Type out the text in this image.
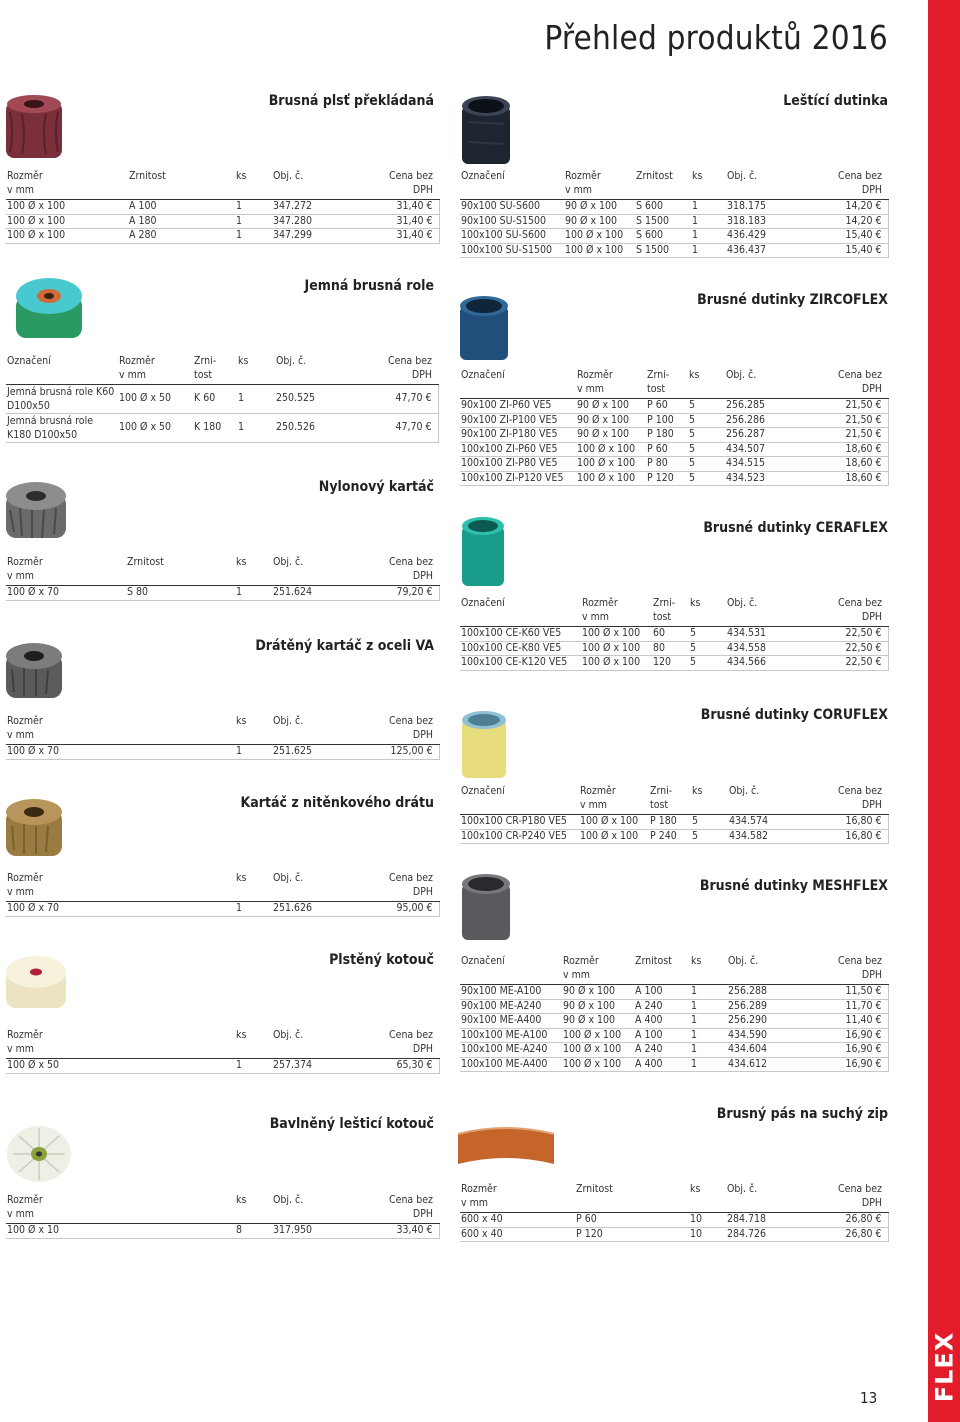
FLEX
Přehled produktů 2016
13
Brusná plsť překládaná	Leštící dutinka
Jemná brusná role
Brusné dutinky ZIRCOFLEX
Nylonový kartáč
Brusné dutinky CERAFLEX
Drátěný kartáč z oceli VA
Brusné dutinky CORUFLEX
Kartáč z nitěnkového drátu
Brusné dutinky MESHFLEX
Plstěný kotouč
Brusný pás na suchý zip
Bavlněný lešticí kotouč
Rozměr
v mm	Zrnitost	ks	Obj. č.	Cena bez
DPH
100 Ø x 100	A 100	1	347.272	31,40 €
100 Ø x 100	A 180	1	347.280	31,40 €
100 Ø x 100	A 280	1	347.299	31,40 €
Označení	Rozměr
v mm	Zrnitost	ks	Obj. č.	Cena bez
DPH
90x100 SU-S600	90 Ø x 100	S 600	1	318.175	14,20 €
90x100 SU-S1500	90 Ø x 100	S 1500	1	318.183	14,20 €
100x100 SU-S600	100 Ø x 100	S 600	1	436.429	15,40 €
100x100 SU-S1500	100 Ø x 100	S 1500	1	436.437	15,40 €
Označení	Rozměr
v mm	Zrni-
tost	ks	Obj. č.	Cena bez
DPH
Jemná brusná role K60 D100x50	100 Ø x 50	K 60	1	250.525	47,70 €
Jemná brusná role K180 D100x50	100 Ø x 50	K 180	1	250.526	47,70 €
Označení	Rozměr
v mm	Zrni-
tost	ks	Obj. č.	Cena bez
DPH
90x100 ZI-P60 VE5	90 Ø x 100	P 60	5	256.285	21,50 €
90x100 ZI-P100 VE5	90 Ø x 100	P 100	5	256.286	21,50 €
90x100 ZI-P180 VE5	90 Ø x 100	P 180	5	256.287	21,50 €
100x100 ZI-P60 VE5	100 Ø x 100	P 60	5	434.507	18,60 €
100x100 ZI-P80 VE5	100 Ø x 100	P 80	5	434.515	18,60 €
100x100 ZI-P120 VE5	100 Ø x 100	P 120	5	434.523	18,60 €
Rozměr
v mm	Zrnitost	ks	Obj. č.	Cena bez
DPH
100 Ø x 70	S 80	1	251.624	79,20 €
Označení	Rozměr
v mm	Zrni-
tost	ks	Obj. č.	Cena bez
DPH
100x100 CE-K60 VE5	100 Ø x 100	60	5	434.531	22,50 €
100x100 CE-K80 VE5	100 Ø x 100	80	5	434.558	22,50 €
100x100 CE-K120 VE5	100 Ø x 100	120	5	434.566	22,50 €
Rozměr
v mm	ks	Obj. č.	Cena bez
DPH
100 Ø x 70	1	251.625	125,00 €
Označení	Rozměr
v mm	Zrni-
tost	ks	Obj. č.	Cena bez
DPH
100x100 CR-P180 VE5	100 Ø x 100	P 180	5	434.574	16,80 €
100x100 CR-P240 VE5	100 Ø x 100	P 240	5	434.582	16,80 €
Rozměr
v mm	ks	Obj. č.	Cena bez
DPH
100 Ø x 70	1	251.626	95,00 €
Označení	Rozměr
v mm	Zrnitost	ks	Obj. č.	Cena bez
DPH
90x100 ME-A100	90 Ø x 100	A 100	1	256.288	11,50 €
90x100 ME-A240	90 Ø x 100	A 240	1	256.289	11,70 €
90x100 ME-A400	90 Ø x 100	A 400	1	256.290	11,40 €
100x100 ME-A100	100 Ø x 100	A 100	1	434.590	16,90 €
100x100 ME-A240	100 Ø x 100	A 240	1	434.604	16,90 €
100x100 ME-A400	100 Ø x 100	A 400	1	434.612	16,90 €
Rozměr
v mm	ks	Obj. č.	Cena bez
DPH
100 Ø x 50	1	257.374	65,30 €
Rozměr
v mm	Zrnitost	ks	Obj. č.	Cena bez
DPH
600 x 40	P 60	10	284.718	26,80 €
600 x 40	P 120	10	284.726	26,80 €
Rozměr
v mm	ks	Obj. č.	Cena bez
DPH
100 Ø x 10	8	317.950	33,40 €
